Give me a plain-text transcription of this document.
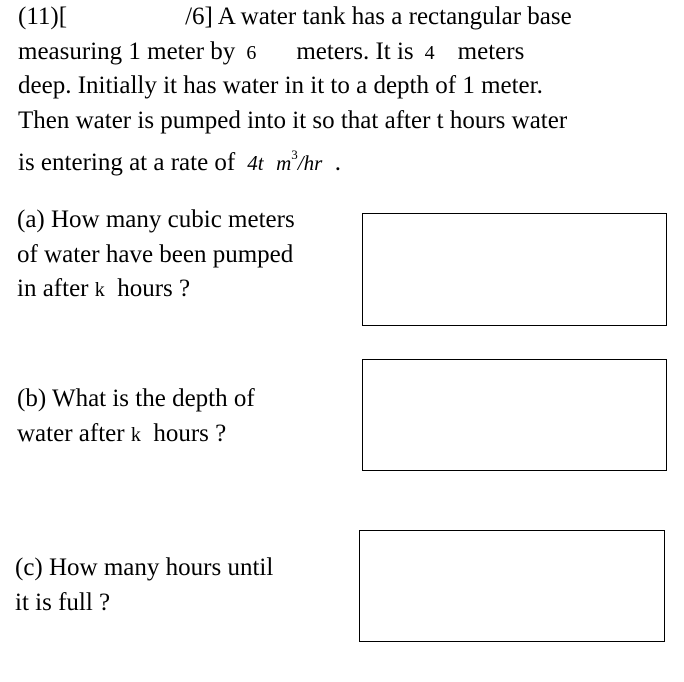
(11)[	/6] A water tank has a rectangular base
measuring 1 meter by 6 meters. It is 4 meters
deep. Initially it has water in it to a depth of 1 meter.
Then water is pumped into it so that after t hours water
is entering at a rate of 4t $m^3/hr$ .
(a) How many cubic meters
of water have been pumped
in after k hours ?
(b) What is the depth of
water after k hours ?
(c) How many hours until
it is full ?
